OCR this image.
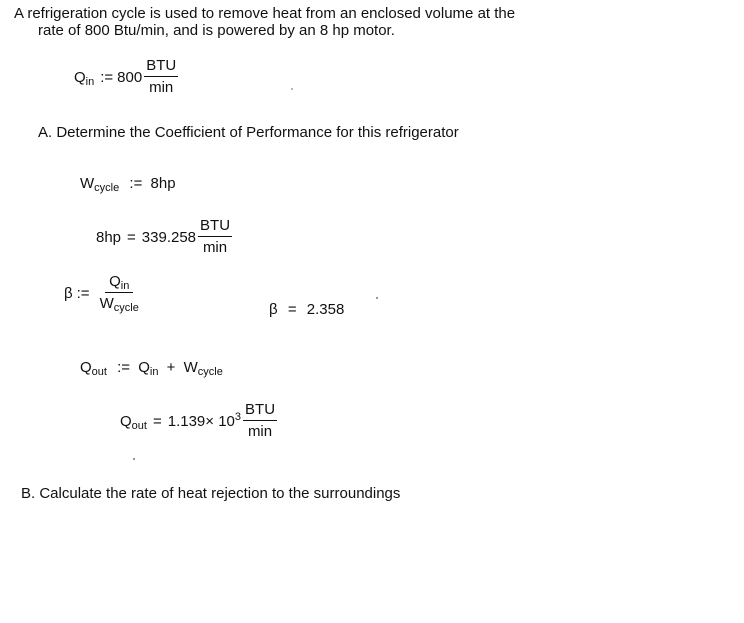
A refrigeration cycle is used to remove heat from an enclosed volume at the
rate of 800 Btu/min, and is powered by an 8 hp motor.
$Q_{in}$ := $800 \frac{\text{BTU}}{\min}$
A. Determine the Coefficient of Performance for this refrigerator
$W_{cycle}$ := 8hp
$8hp = 339.258 \frac{\text{BTU}}{\min}$
β := $\frac{Q_{in}}{W_{cycle}}$	β = 2.358
$Q_{out}$ := $Q_{in} + W_{cycle}$
$Q_{out} = 1.139\times 10^3 \frac{\text{BTU}}{\min}$
B. Calculate the rate of heat rejection to the surroundings
